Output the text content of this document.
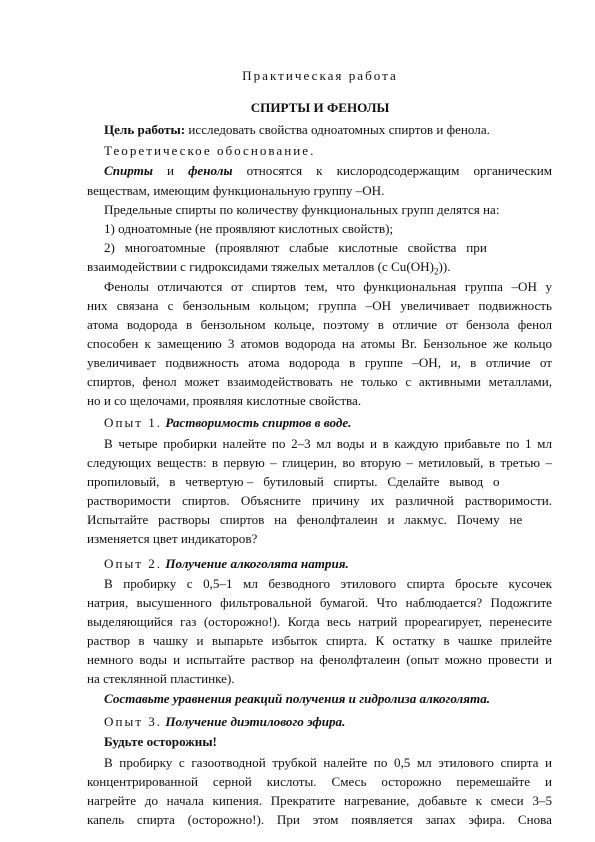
Практическая работа
СПИРТЫ И ФЕНОЛЫ
Цель работы: исследовать свойства одноатомных спиртов и фенола.
Теоретическое обоснование.
Спирты и фенолы относятся к кислородсодержащим органическим
веществам, имеющим функциональную группу –ОН.
Предельные спирты по количеству функциональных групп делятся на:
1) одноатомные (не проявляют кислотных свойств);
2)   многоатомные   (проявляют   слабые   кислотные   свойства   при
взаимодействии с гидроксидами тяжелых металлов (с $Cu(OH)_2$)).
Фенолы отличаются от спиртов тем, что функциональная группа –ОН у
них связана с бензольным кольцом; группа –ОН увеличивает подвижность
атома водорода в бензольном кольце, поэтому в отличие от бензола фенол
способен к замещению 3 атомов водорода на атомы Br. Бензольное же кольцо
увеличивает подвижность атома водорода в группе –ОН, и, в отличие от
спиртов, фенол может взаимодействовать не только с активными металлами,
но и со щелочами, проявляя кислотные свойства.
Опыт 1. Растворимость спиртов в воде.
В четыре пробирки налейте по 2–3 мл воды и в каждую прибавьте по 1 мл
следующих веществ: в первую – глицерин, во вторую – метиловый, в третью –
пропиловый,   в   четвертую –   бутиловый   спирты.   Сделайте   вывод   о
растворимости спиртов. Объясните причину их различной растворимости.
Испытайте   растворы   спиртов   на   фенолфталеин   и   лакмус.   Почему   не
изменяется цвет индикаторов?
Опыт 2. Получение алкоголята натрия.
В пробирку с 0,5–1 мл безводного этилового спирта бросьте кусочек
натрия, высушенного фильтровальной бумагой. Что наблюдается? Подожгите
выделяющийся газ (осторожно!). Когда весь натрий прореагирует, перенесите
раствор в чашку и выпарьте избыток спирта. К остатку в чашке прилейте
немного воды и испытайте раствор на фенолфталеин (опыт можно провести и
на стеклянной пластинке).
Составьте уравнения реакций получения и гидролиза алкоголята.
Опыт 3. Получение диэтилового эфира.
Будьте осторожны!
В пробирку с газоотводной трубкой налейте по 0,5 мл этилового спирта и
концентрированной серной кислоты. Смесь осторожно перемешайте и
нагрейте до начала кипения. Прекратите нагревание, добавьте к смеси 3–5
капель спирта (осторожно!). При этом появляется запах эфира. Снова
